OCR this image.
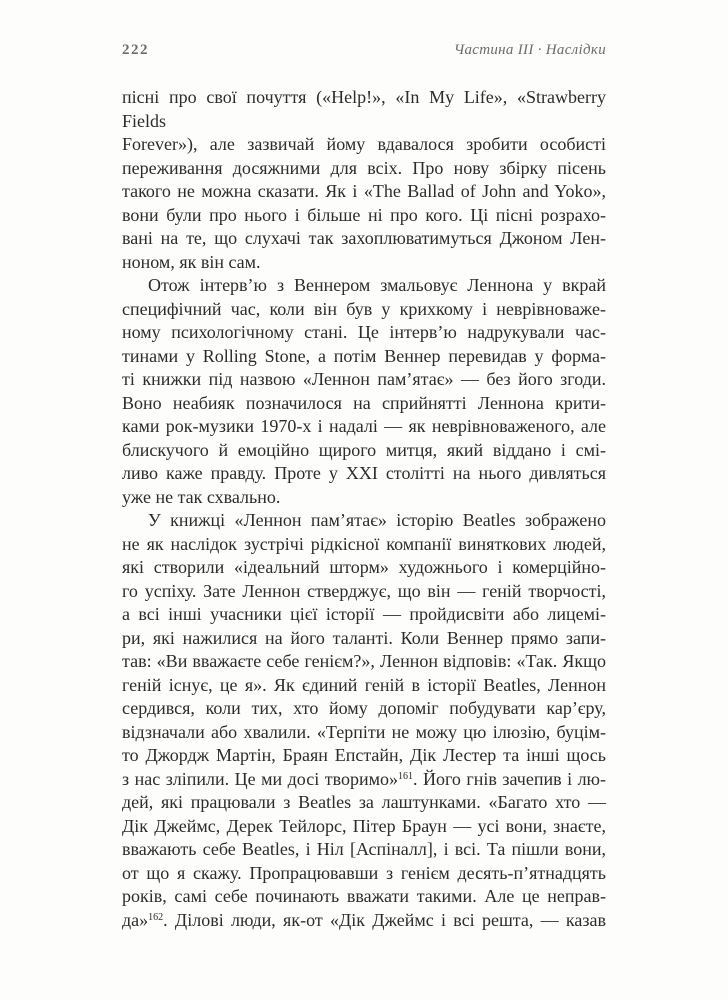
222	Частина III · Наслідки
пісні про свої почуття («Help!», «In My Life», «Strawberry Fields
Forever»), але зазвичай йому вдавалося зробити особисті
переживання досяжними для всіх. Про нову збірку пісень
такого не можна сказати. Як і «The Ballad of John and Yoko»,
вони були про нього і більше ні про кого. Ці пісні розрахо-
вані на те, що слухачі так захоплюватимуться Джоном Лен-
ноном, як він сам.
Отож інтерв’ю з Веннером змальовує Леннона у вкрай
специфічний час, коли він був у крихкому і неврівноваже-
ному психологічному стані. Це інтерв’ю надрукували час-
тинами у Rolling Stone, а потім Веннер перевидав у форма-
ті книжки під назвою «Леннон пам’ятає» — без його згоди.
Воно неабияк позначилося на сприйнятті Леннона крити-
ками рок-музики 1970-х і надалі — як неврівноваженого, але
блискучого й емоційно щирого митця, який віддано і смі-
ливо каже правду. Проте у XXI столітті на нього дивляться
уже не так схвально.
У книжці «Леннон пам’ятає» історію Beatles зображено
не як наслідок зустрічі рідкісної компанії виняткових людей,
які створили «ідеальний шторм» художнього і комерційно-
го успіху. Зате Леннон стверджує, що він — геній творчості,
а всі інші учасники цієї історії — пройдисвіти або лицемі-
ри, які нажилися на його таланті. Коли Веннер прямо запи-
тав: «Ви вважаєте себе генієм?», Леннон відповів: «Так. Якщо
геній існує, це я». Як єдиний геній в історії Beatles, Леннон
сердився, коли тих, хто йому допоміг побудувати кар’єру,
відзначали або хвалили. «Терпіти не можу цю ілюзію, буцім-
то Джордж Мартін, Браян Епстайн, Дік Лестер та інші щось
з нас зліпили. Це ми досі творимо»$^{161}$. Його гнів зачепив і лю-
дей, які працювали з Beatles за лаштунками. «Багато хто —
Дік Джеймс, Дерек Тейлорс, Пітер Браун — усі вони, знаєте,
вважають себе Beatles, і Ніл [Аспіналл], і всі. Та пішли вони,
от що я скажу. Пропрацювавши з генієм десять-п’ятнадцять
років, самі себе починають вважати такими. Але це неправ-
да»$^{162}$. Ділові люди, як-от «Дік Джеймс і всі решта, — казав
